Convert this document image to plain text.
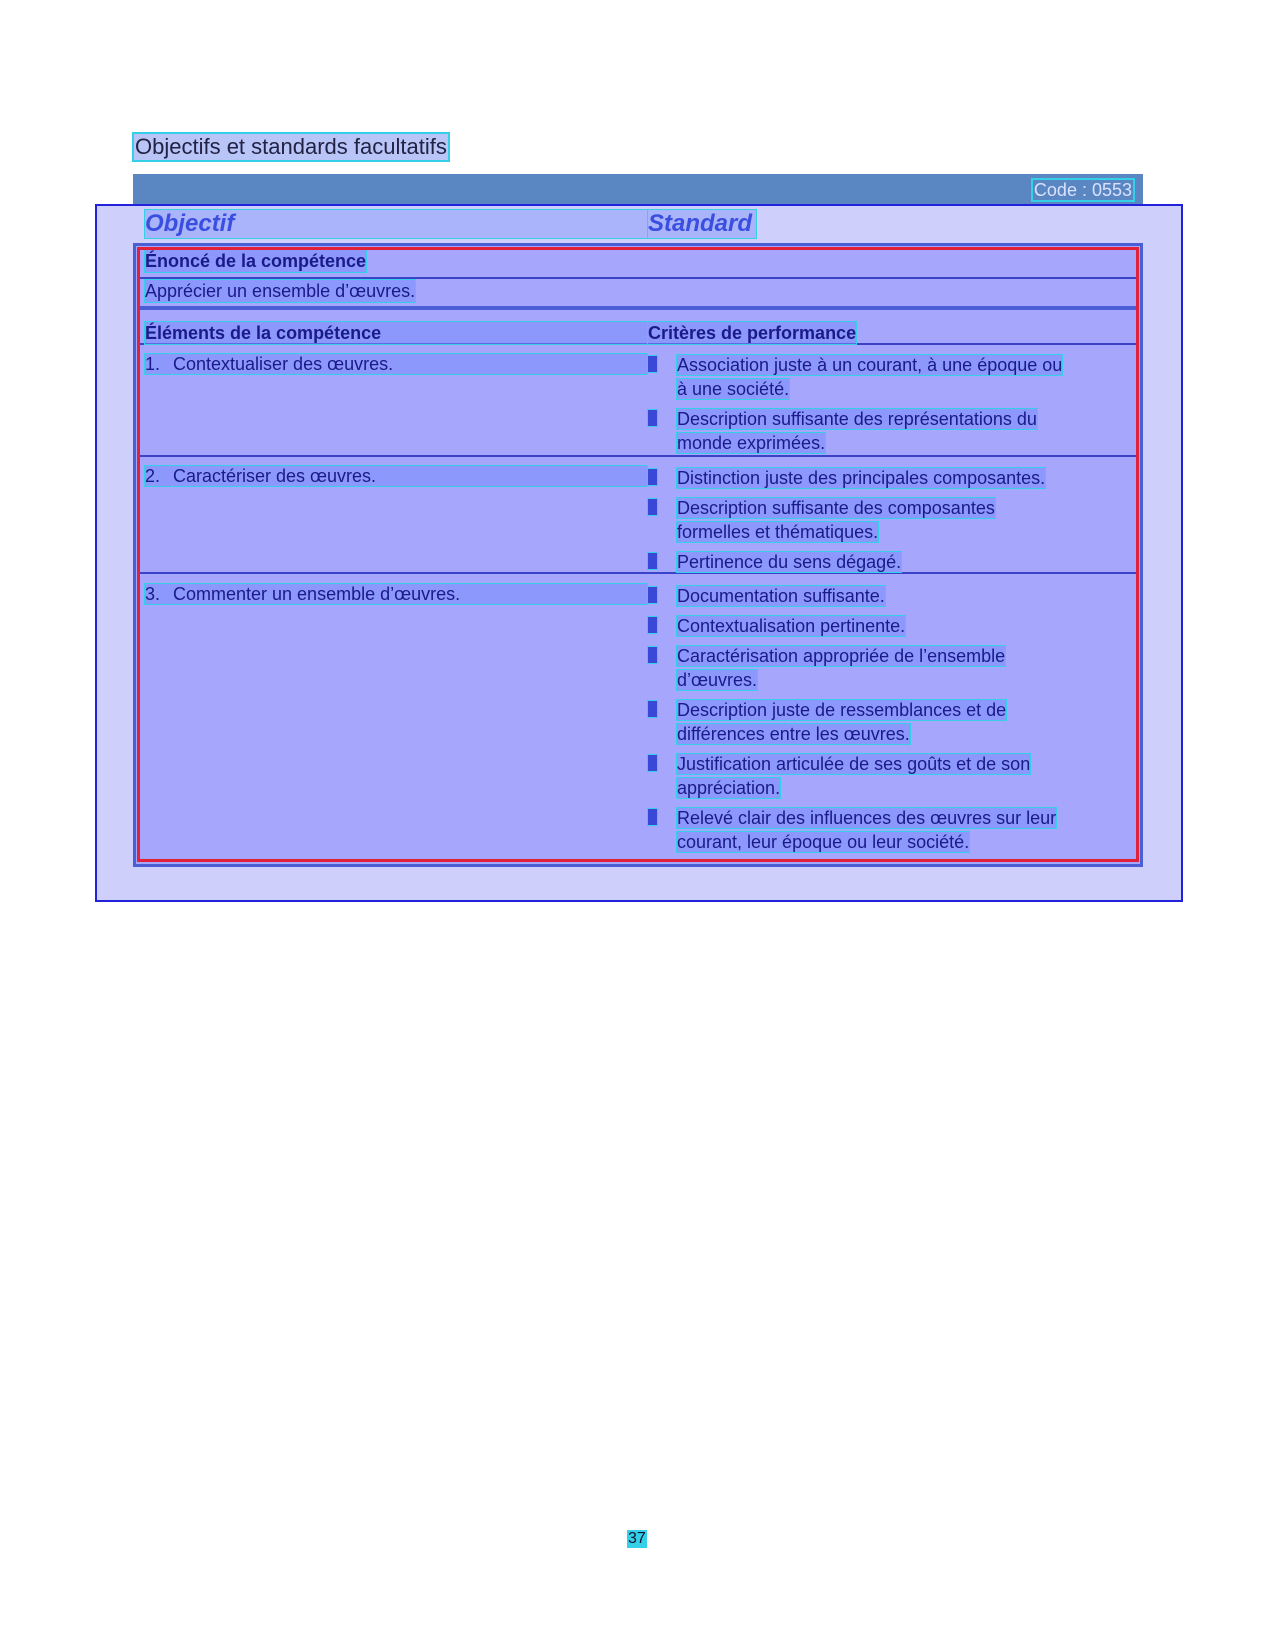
Objectifs et standards facultatifs
Code : 0553
Objectif	Standard
Énoncé de la compétence
Apprécier un ensemble d’œuvres.
Éléments de la compétence	Critères de performance
1. Contextualiser des œuvres.	Association juste à un courant, à une époque ou
à une société.
Description suffisante des représentations du
monde exprimées.
2. Caractériser des œuvres.	Distinction juste des principales composantes.
Description suffisante des composantes
formelles et thématiques.
Pertinence du sens dégagé.
3. Commenter un ensemble d’œuvres.	Documentation suffisante.
Contextualisation pertinente.
Caractérisation appropriée de l’ensemble
d’œuvres.
Description juste de ressemblances et de
différences entre les œuvres.
Justification articulée de ses goûts et de son
appréciation.
Relevé clair des influences des œuvres sur leur
courant, leur époque ou leur société.
37
